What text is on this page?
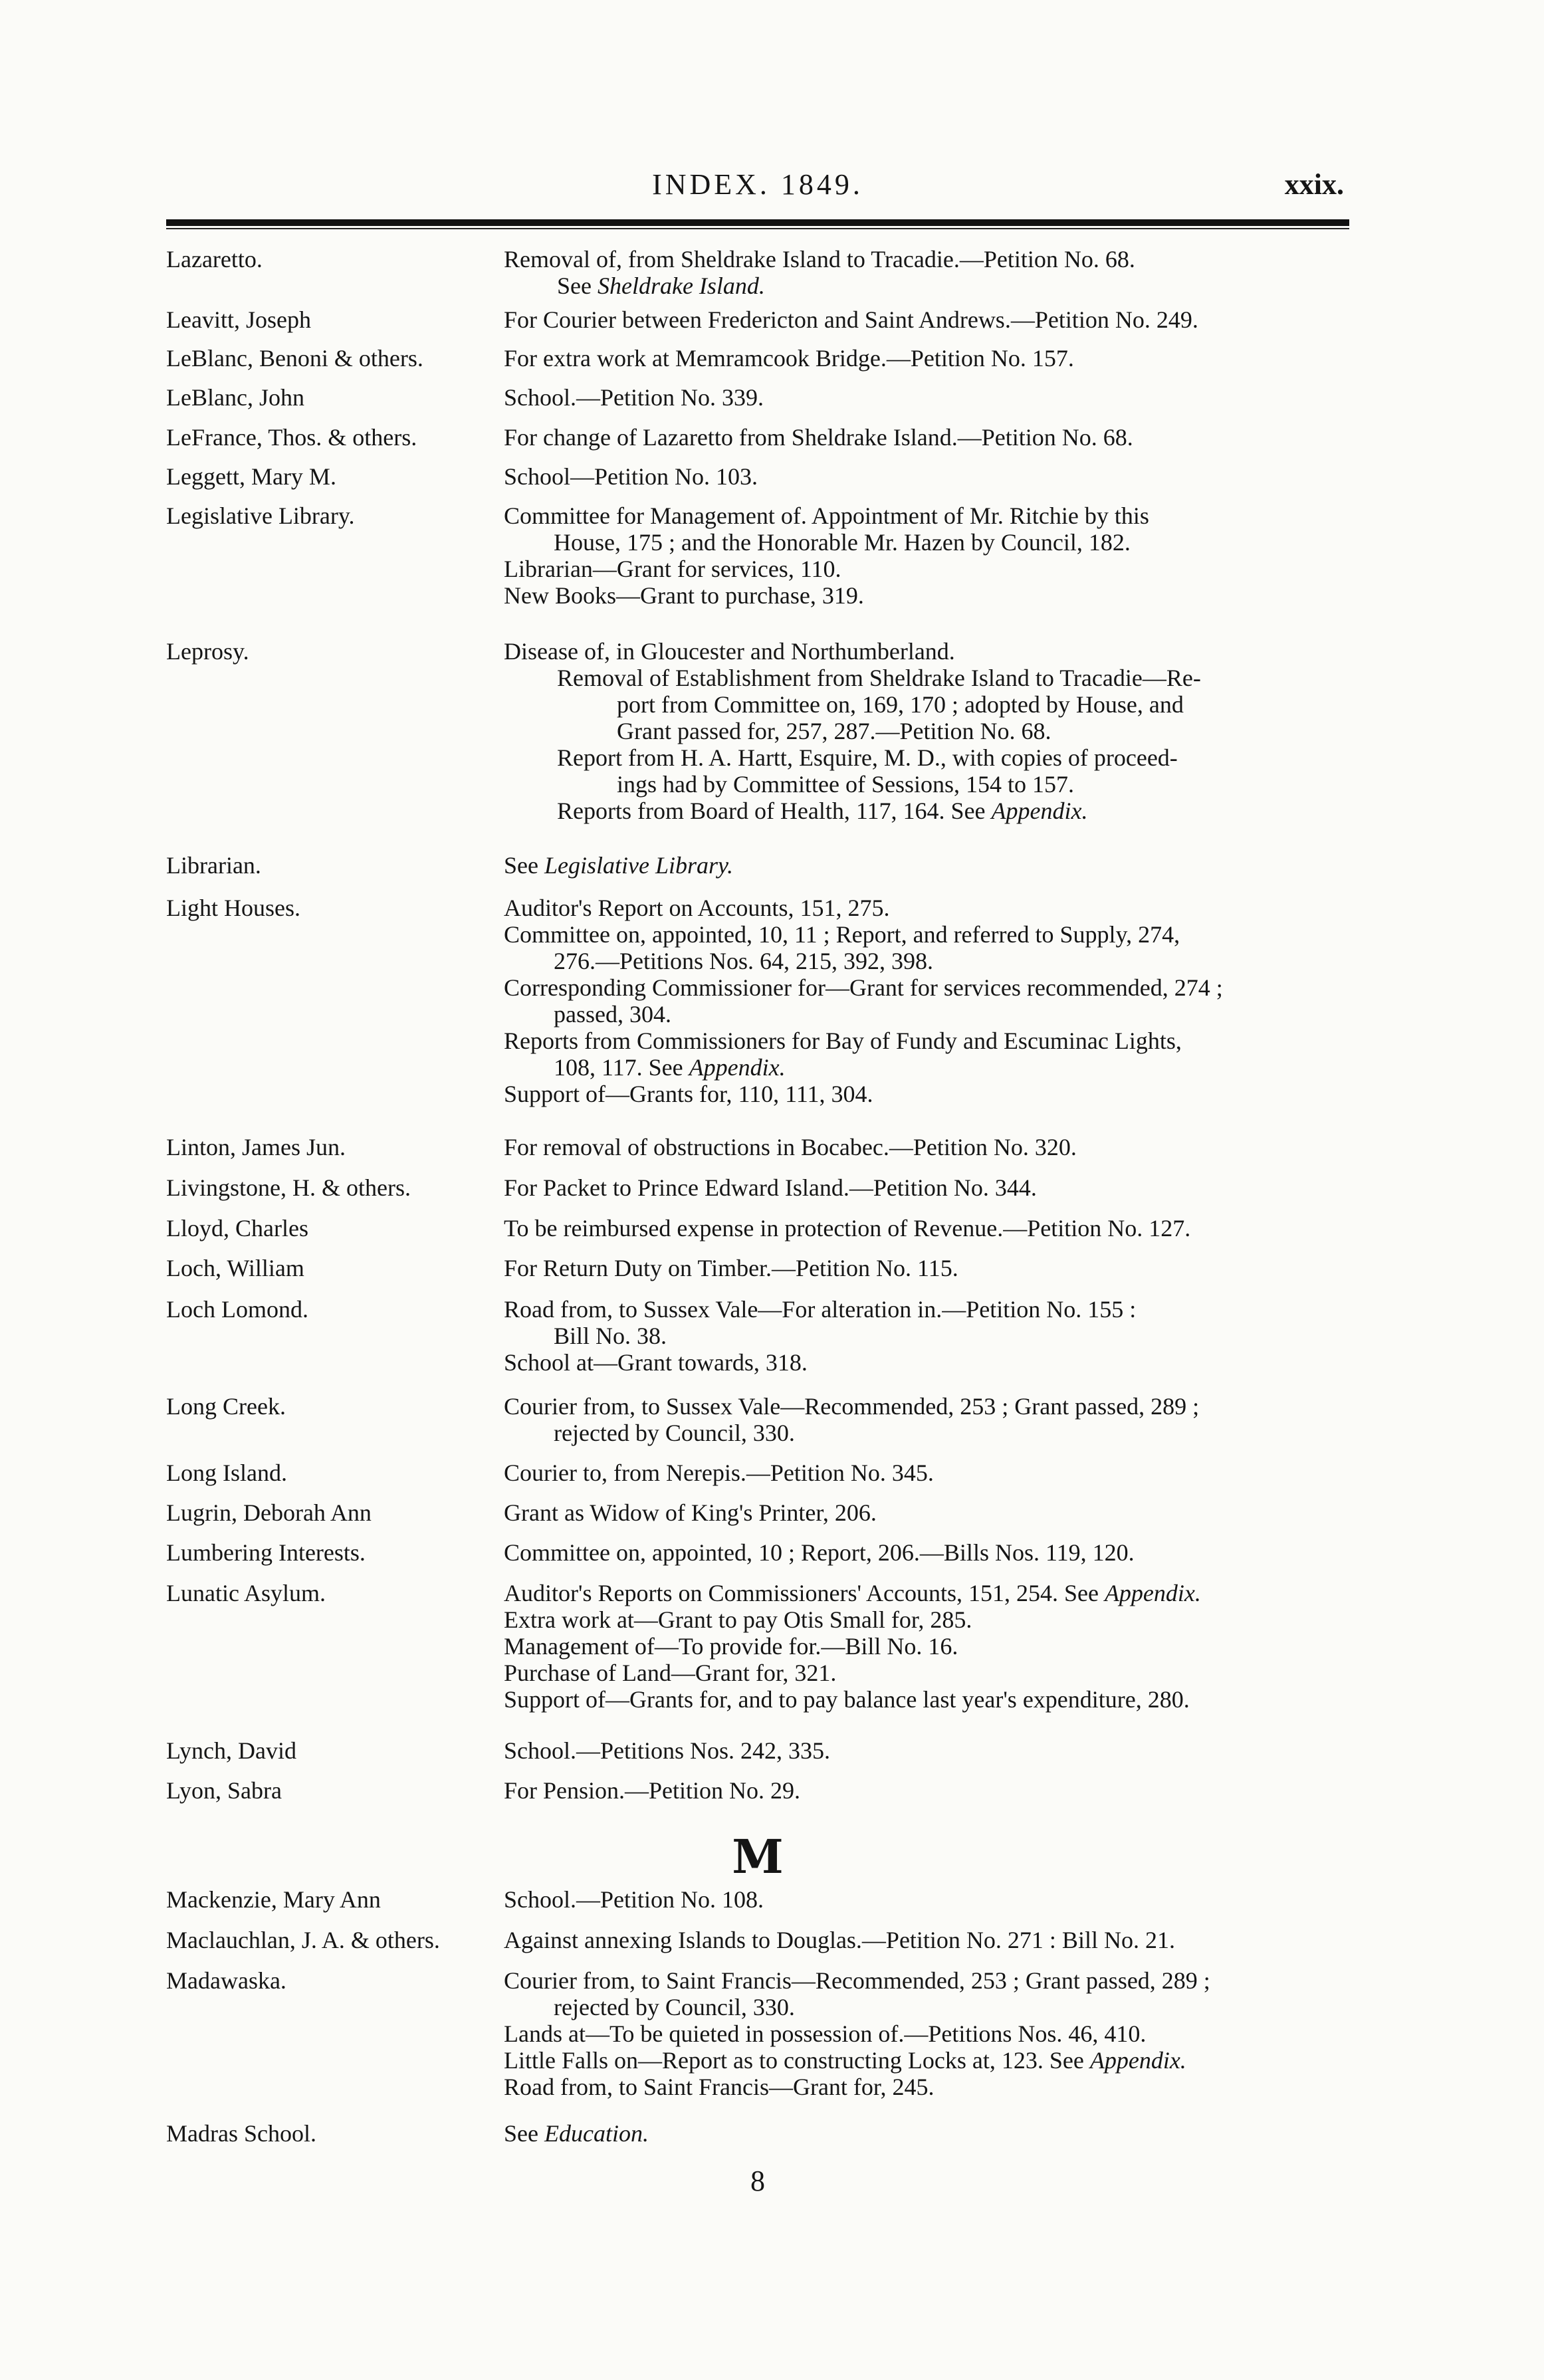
INDEX. 1849.	xxix.
Lazaretto.	Removal of, from Sheldrake Island to Tracadie.—Petition No. 68.
See Sheldrake Island.
Leavitt, Joseph	For Courier between Fredericton and Saint Andrews.—Petition No. 249.
LeBlanc, Benoni & others.	For extra work at Memramcook Bridge.—Petition No. 157.
LeBlanc, John	School.—Petition No. 339.
LeFrance, Thos. & others.	For change of Lazaretto from Sheldrake Island.—Petition No. 68.
Leggett, Mary M.	School—Petition No. 103.
Legislative Library.	Committee for Management of. Appointment of Mr. Ritchie by this
House, 175 ; and the Honorable Mr. Hazen by Council, 182.
Librarian—Grant for services, 110.
New Books—Grant to purchase, 319.
Leprosy.	Disease of, in Gloucester and Northumberland.
Removal of Establishment from Sheldrake Island to Tracadie—Re-
port from Committee on, 169, 170 ; adopted by House, and
Grant passed for, 257, 287.—Petition No. 68.
Report from H. A. Hartt, Esquire, M. D., with copies of proceed-
ings had by Committee of Sessions, 154 to 157.
Reports from Board of Health, 117, 164. See Appendix.
Librarian.	See Legislative Library.
Light Houses.	Auditor's Report on Accounts, 151, 275.
Committee on, appointed, 10, 11 ; Report, and referred to Supply, 274,
276.—Petitions Nos. 64, 215, 392, 398.
Corresponding Commissioner for—Grant for services recommended, 274 ;
passed, 304.
Reports from Commissioners for Bay of Fundy and Escuminac Lights,
108, 117. See Appendix.
Support of—Grants for, 110, 111, 304.
Linton, James Jun.	For removal of obstructions in Bocabec.—Petition No. 320.
Livingstone, H. & others.	For Packet to Prince Edward Island.—Petition No. 344.
Lloyd, Charles	To be reimbursed expense in protection of Revenue.—Petition No. 127.
Loch, William	For Return Duty on Timber.—Petition No. 115.
Loch Lomond.	Road from, to Sussex Vale—For alteration in.—Petition No. 155 :
Bill No. 38.
School at—Grant towards, 318.
Long Creek.	Courier from, to Sussex Vale—Recommended, 253 ; Grant passed, 289 ;
rejected by Council, 330.
Long Island.	Courier to, from Nerepis.—Petition No. 345.
Lugrin, Deborah Ann	Grant as Widow of King's Printer, 206.
Lumbering Interests.	Committee on, appointed, 10 ; Report, 206.—Bills Nos. 119, 120.
Lunatic Asylum.	Auditor's Reports on Commissioners' Accounts, 151, 254. See Appendix.
Extra work at—Grant to pay Otis Small for, 285.
Management of—To provide for.—Bill No. 16.
Purchase of Land—Grant for, 321.
Support of—Grants for, and to pay balance last year's expenditure, 280.
Lynch, David	School.—Petitions Nos. 242, 335.
Lyon, Sabra	For Pension.—Petition No. 29.
Mackenzie, Mary Ann	School.—Petition No. 108.
Maclauchlan, J. A. & others.	Against annexing Islands to Douglas.—Petition No. 271 : Bill No. 21.
Madawaska.	Courier from, to Saint Francis—Recommended, 253 ; Grant passed, 289 ;
rejected by Council, 330.
Lands at—To be quieted in possession of.—Petitions Nos. 46, 410.
Little Falls on—Report as to constructing Locks at, 123. See Appendix.
Road from, to Saint Francis—Grant for, 245.
Madras School.	See Education.
M
8
